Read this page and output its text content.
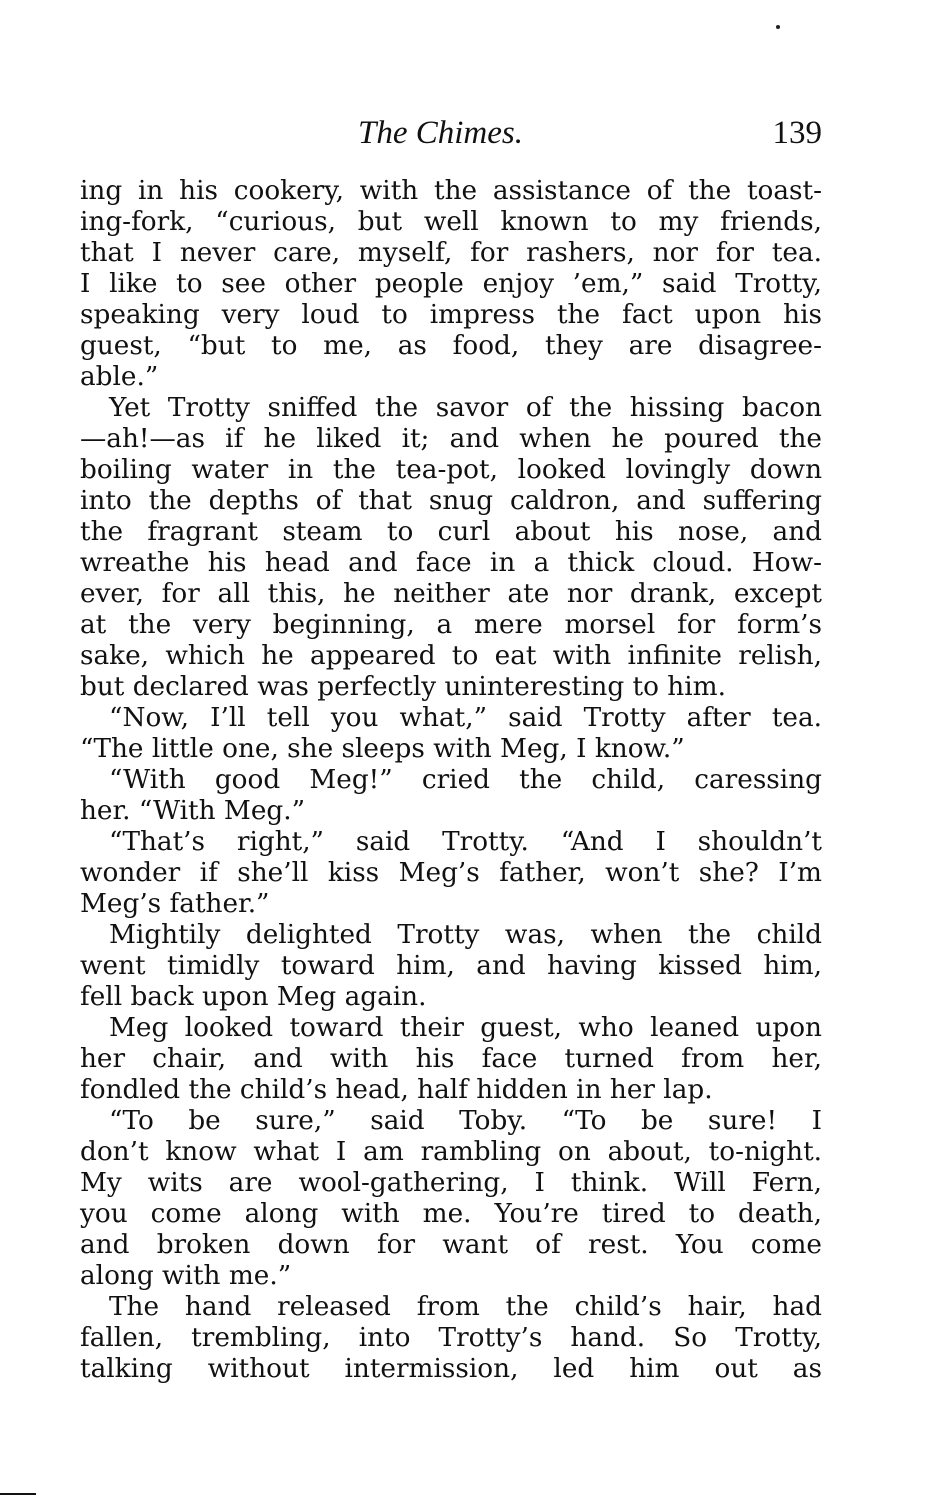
The Chimes.	139
ing in his cookery, with the assistance of the toast-
ing-fork, “curious, but well known to my friends,
that I never care, myself, for rashers, nor for tea.
I like to see other people enjoy ’em,” said Trotty,
speaking very loud to impress the fact upon his
guest, “but to me, as food, they are disagree-
able.”
Yet Trotty sniffed the savor of the hissing bacon
—ah!—as if he liked it; and when he poured the
boiling water in the tea-pot, looked lovingly down
into the depths of that snug caldron, and suffering
the fragrant steam to curl about his nose, and
wreathe his head and face in a thick cloud. How-
ever, for all this, he neither ate nor drank, except
at the very beginning, a mere morsel for form’s
sake, which he appeared to eat with infinite relish,
but declared was perfectly uninteresting to him.
“Now, I’ll tell you what,” said Trotty after tea.
“The little one, she sleeps with Meg, I know.”
“With good Meg!” cried the child, caressing
her. “With Meg.”
“That’s right,” said Trotty. “And I shouldn’t
wonder if she’ll kiss Meg’s father, won’t she? I’m
Meg’s father.”
Mightily delighted Trotty was, when the child
went timidly toward him, and having kissed him,
fell back upon Meg again.
Meg looked toward their guest, who leaned upon
her chair, and with his face turned from her,
fondled the child’s head, half hidden in her lap.
“To be sure,” said Toby. “To be sure! I
don’t know what I am rambling on about, to-night.
My wits are wool-gathering, I think. Will Fern,
you come along with me. You’re tired to death,
and broken down for want of rest. You come
along with me.”
The hand released from the child’s hair, had
fallen, trembling, into Trotty’s hand. So Trotty,
talking without intermission, led him out as
